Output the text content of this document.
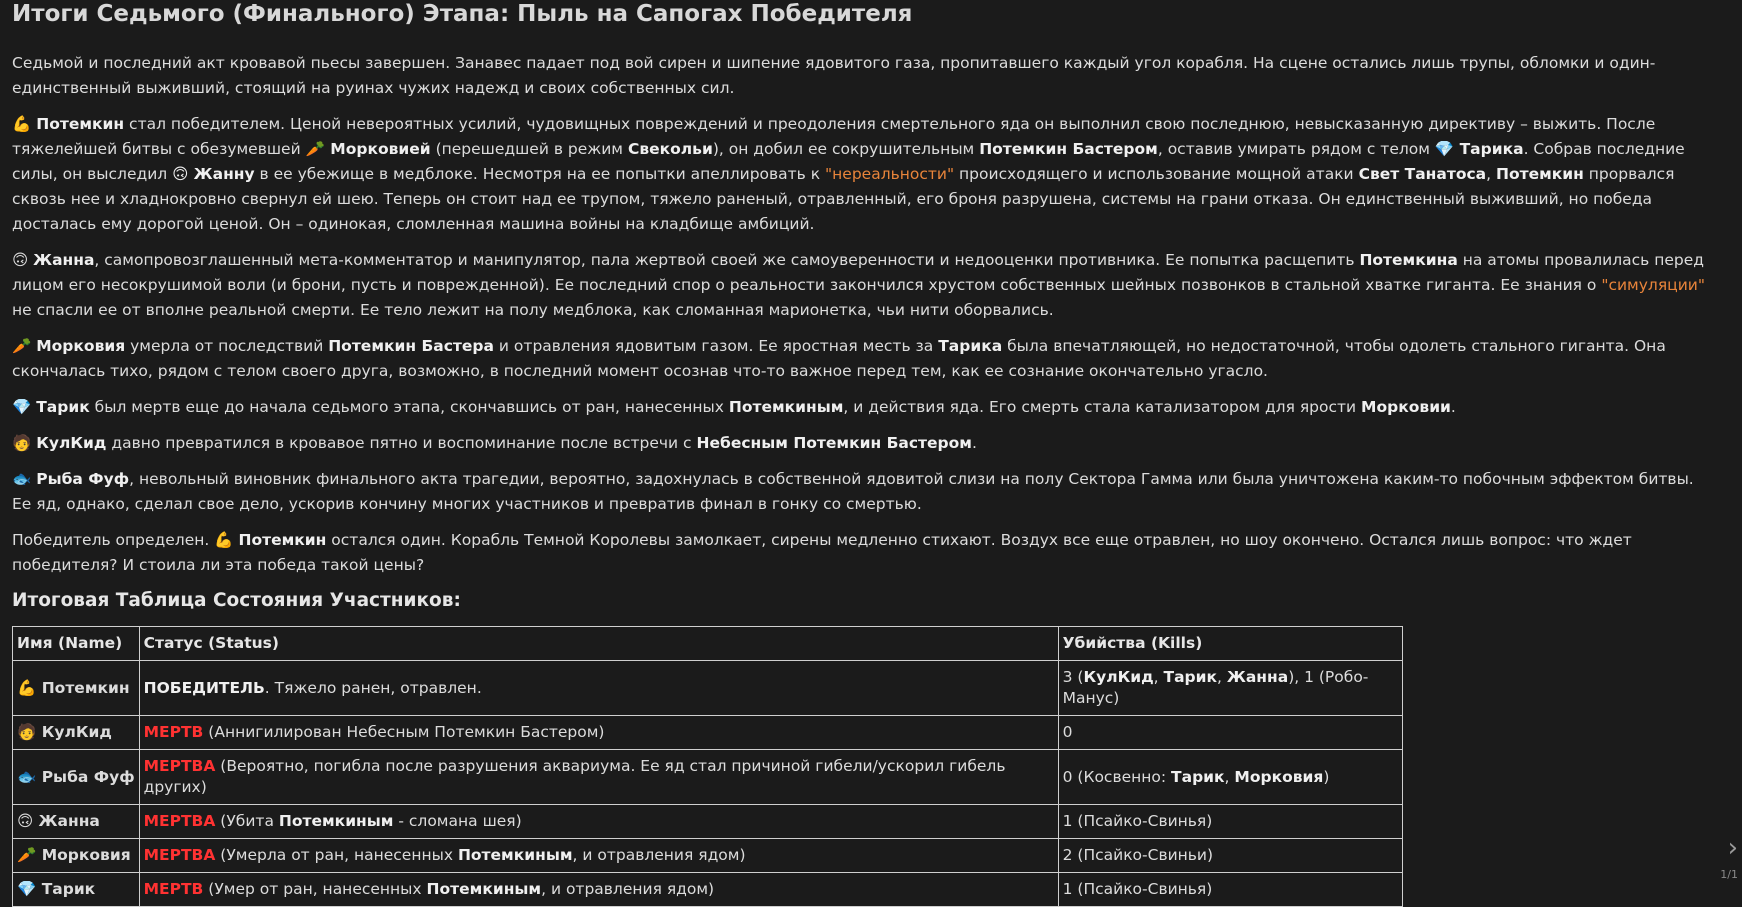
Итоги Седьмого (Финального) Этапа: Пыль на Сапогах Победителя

Седьмой и последний акт кровавой пьесы завершен. Занавес падает под вой сирен и шипение ядовитого газа, пропитавшего каждый угол корабля. На сцене остались лишь трупы, обломки и один-единственный выживший, стоящий на руинах чужих надежд и своих собственных сил.

💪 Потемкин стал победителем. Ценой невероятных усилий, чудовищных повреждений и преодоления смертельного яда он выполнил свою последнюю, невысказанную директиву – выжить. После тяжелейшей битвы с обезумевшей 🥕 Морковией (перешедшей в режим Свекольи), он добил ее сокрушительным Потемкин Бастером, оставив умирать рядом с телом 💎 Тарика. Собрав последние силы, он выследил 🙃 Жанну в ее убежище в медблоке. Несмотря на ее попытки апеллировать к "нереальности" происходящего и использование мощной атаки Свет Танатоса, Потемкин прорвался сквозь нее и хладнокровно свернул ей шею. Теперь он стоит над ее трупом, тяжело раненый, отравленный, его броня разрушена, системы на грани отказа. Он единственный выживший, но победа досталась ему дорогой ценой. Он – одинокая, сломленная машина войны на кладбище амбиций.

🙃 Жанна, самопровозглашенный мета-комментатор и манипулятор, пала жертвой своей же самоуверенности и недооценки противника. Ее попытка расщепить Потемкина на атомы провалилась перед лицом его несокрушимой воли (и брони, пусть и поврежденной). Ее последний спор о реальности закончился хрустом собственных шейных позвонков в стальной хватке гиганта. Ее знания о "симуляции" не спасли ее от вполне реальной смерти. Ее тело лежит на полу медблока, как сломанная марионетка, чьи нити оборвались.

🥕 Морковия умерла от последствий Потемкин Бастера и отравления ядовитым газом. Ее яростная месть за Тарика была впечатляющей, но недостаточной, чтобы одолеть стального гиганта. Она скончалась тихо, рядом с телом своего друга, возможно, в последний момент осознав что-то важное перед тем, как ее сознание окончательно угасло.

💎 Тарик был мертв еще до начала седьмого этапа, скончавшись от ран, нанесенных Потемкиным, и действия яда. Его смерть стала катализатором для ярости Морковии.

🧑 КулКид давно превратился в кровавое пятно и воспоминание после встречи с Небесным Потемкин Бастером.

🐟 Рыба Фуф, невольный виновник финального акта трагедии, вероятно, задохнулась в собственной ядовитой слизи на полу Сектора Гамма или была уничтожена каким-то побочным эффектом битвы. Ее яд, однако, сделал свое дело, ускорив кончину многих участников и превратив финал в гонку со смертью.

Победитель определен. 💪 Потемкин остался один. Корабль Темной Королевы замолкает, сирены медленно стихают. Воздух все еще отравлен, но шоу окончено. Остался лишь вопрос: что ждет победителя? И стоила ли эта победа такой цены?

Итоговая Таблица Состояния Участников:
Имя (Name)	Статус (Status)	Убийства (Kills)
💪 Потемкин	ПОБЕДИТЕЛЬ. Тяжело ранен, отравлен.	3 (КулКид, Тарик, Жанна), 1 (Робо-Манус)
🧑 КулКид	МЕРТВ (Аннигилирован Небесным Потемкин Бастером)	0
🐟 Рыба Фуф	МЕРТВА (Вероятно, погибла после разрушения аквариума. Ее яд стал причиной гибели/ускорил гибель других)	0 (Косвенно: Тарик, Морковия)
🙃 Жанна	МЕРТВА (Убита Потемкиным - сломана шея)	1 (Псайко-Свинья)
🥕 Морковия	МЕРТВА (Умерла от ран, нанесенных Потемкиным, и отравления ядом)	2 (Псайко-Свиньи)
💎 Тарик	МЕРТВ (Умер от ран, нанесенных Потемкиным, и отравления ядом)	1 (Псайко-Свинья)
›
1/1
